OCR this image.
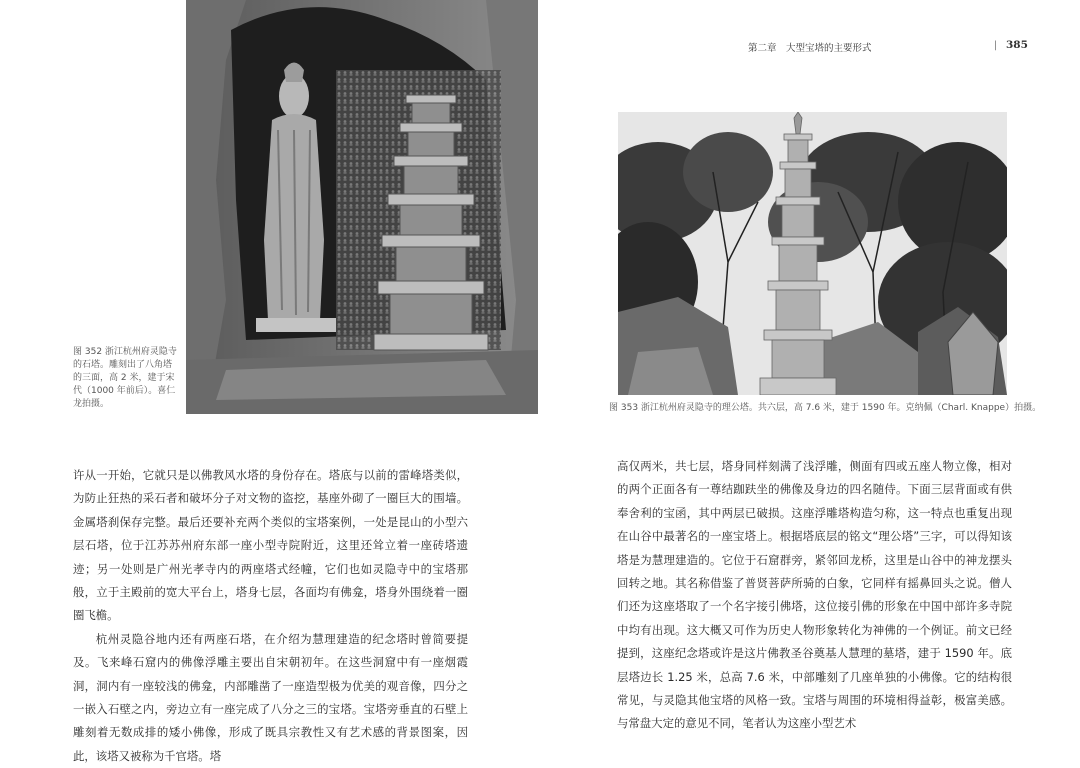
图 352 浙江杭州府灵隐寺的石塔。雕刻出了八角塔的三面，高 2 米，建于宋代（1000 年前后）。喜仁龙拍摄。
第二章　大型宝塔的主要形式	| 385
图 353 浙江杭州府灵隐寺的理公塔。共六层，高 7.6 米，建于 1590 年。克纳佩（Charl. Knappe）拍摄。

许从一开始，它就只是以佛教风水塔的身份存在。塔底与以前的雷峰塔类似，为防止狂热的采石者和破坏分子对文物的盗挖，基座外砌了一圈巨大的围墙。金属塔刹保存完整。最后还要补充两个类似的宝塔案例，一处是昆山的小型六层石塔，位于江苏苏州府东部一座小型寺院附近，这里还耸立着一座砖塔遗迹；另一处则是广州光孝寺内的两座塔式经幢，它们也如灵隐寺中的宝塔那般，立于主殿前的宽大平台上，塔身七层，各面均有佛龛，塔身外围绕着一圈圈飞檐。

杭州灵隐谷地内还有两座石塔，在介绍为慧理建造的纪念塔时曾简要提及。飞来峰石窟内的佛像浮雕主要出自宋朝初年。在这些洞窟中有一座烟霞洞，洞内有一座较浅的佛龛，内部雕凿了一座造型极为优美的观音像，四分之一嵌入石壁之内，旁边立有一座完成了八分之三的宝塔。宝塔旁垂直的石壁上雕刻着无数成排的矮小佛像，形成了既具宗教性又有艺术感的背景图案，因此，该塔又被称为千官塔。塔

高仅两米，共七层，塔身同样刻满了浅浮雕，侧面有四或五座人物立像，相对的两个正面各有一尊结跏趺坐的佛像及身边的四名随侍。下面三层背面或有供奉舍利的宝函，其中两层已破损。这座浮雕塔构造匀称，这一特点也重复出现在山谷中最著名的一座宝塔上。根据塔底层的铭文“理公塔”三字，可以得知该塔是为慧理建造的。它位于石窟群旁，紧邻回龙桥，这里是山谷中的神龙摆头回转之地。其名称借鉴了普贤菩萨所骑的白象，它同样有摇鼻回头之说。僧人们还为这座塔取了一个名字接引佛塔，这位接引佛的形象在中国中部许多寺院中均有出现。这大概又可作为历史人物形象转化为神佛的一个例证。前文已经提到，这座纪念塔或许是这片佛教圣谷奠基人慧理的墓塔，建于 1590 年。底层塔边长 1.25 米，总高 7.6 米，中部雕刻了几座单独的小佛像。它的结构很常见，与灵隐其他宝塔的风格一致。宝塔与周围的环境相得益彰，极富美感。与常盘大定的意见不同，笔者认为这座小型艺术
